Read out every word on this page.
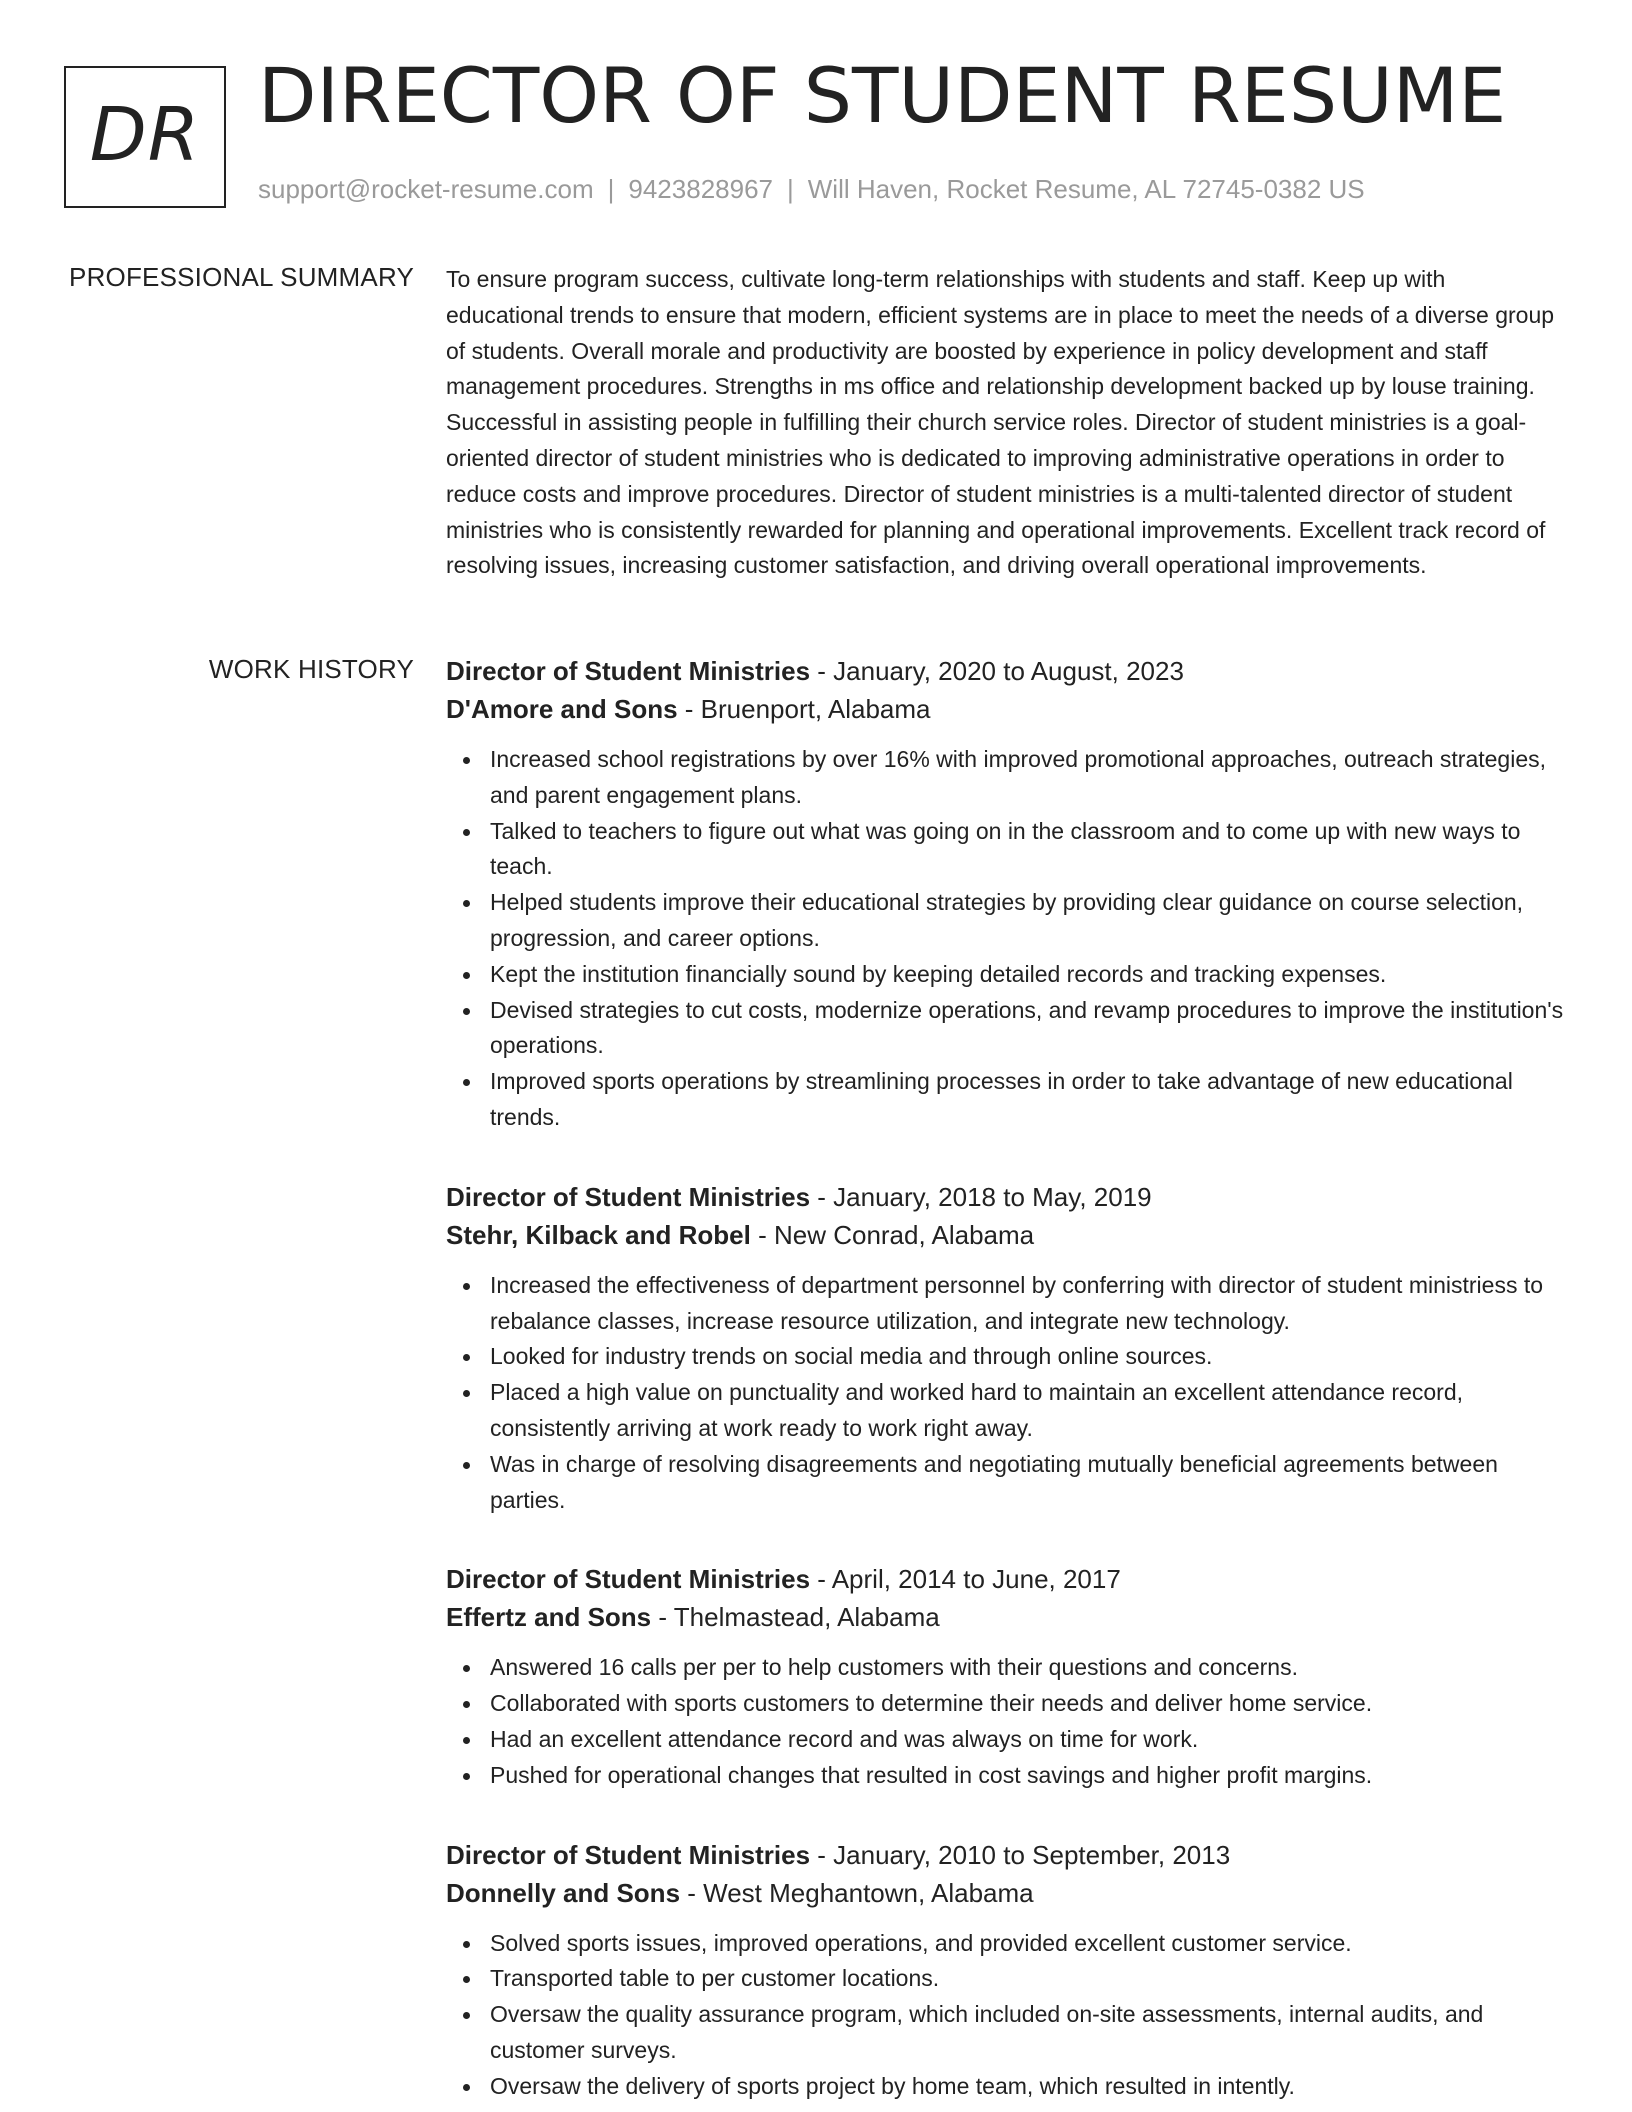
DR DIRECTOR OF STUDENT RESUME
support@rocket-resume.com | 9423828967 | Will Haven, Rocket Resume, AL 72745-0382 US
PROFESSIONAL SUMMARY To ensure program success, cultivate long-term relationships with students and staff. Keep up with educational trends to ensure that modern, efficient systems are in place to meet the needs of a diverse group of students. Overall morale and productivity are boosted by experience in policy development and staff management procedures. Strengths in ms office and relationship development backed up by louse training. Successful in assisting people in fulfilling their church service roles. Director of student ministries is a goal-oriented director of student ministries who is dedicated to improving administrative operations in order to reduce costs and improve procedures. Director of student ministries is a multi-talented director of student ministries who is consistently rewarded for planning and operational improvements. Excellent track record of resolving issues, increasing customer satisfaction, and driving overall operational improvements.

WORK HISTORY Director of Student Ministries - January, 2020 to August, 2023
D'Amore and Sons - Bruenport, Alabama
Increased school registrations by over 16% with improved promotional approaches, outreach strategies, and parent engagement plans.
Talked to teachers to figure out what was going on in the classroom and to come up with new ways to teach.
Helped students improve their educational strategies by providing clear guidance on course selection, progression, and career options.
Kept the institution financially sound by keeping detailed records and tracking expenses.
Devised strategies to cut costs, modernize operations, and revamp procedures to improve the institution's operations.
Improved sports operations by streamlining processes in order to take advantage of new educational trends.
Director of Student Ministries - January, 2018 to May, 2019
Stehr, Kilback and Robel - New Conrad, Alabama
Increased the effectiveness of department personnel by conferring with director of student ministriess to rebalance classes, increase resource utilization, and integrate new technology.
Looked for industry trends on social media and through online sources.
Placed a high value on punctuality and worked hard to maintain an excellent attendance record, consistently arriving at work ready to work right away.
Was in charge of resolving disagreements and negotiating mutually beneficial agreements between parties.
Director of Student Ministries - April, 2014 to June, 2017
Effertz and Sons - Thelmastead, Alabama
Answered 16 calls per per to help customers with their questions and concerns.
Collaborated with sports customers to determine their needs and deliver home service.
Had an excellent attendance record and was always on time for work.
Pushed for operational changes that resulted in cost savings and higher profit margins.
Director of Student Ministries - January, 2010 to September, 2013
Donnelly and Sons - West Meghantown, Alabama
Solved sports issues, improved operations, and provided excellent customer service.
Transported table to per customer locations.
Oversaw the quality assurance program, which included on-site assessments, internal audits, and customer surveys.
Oversaw the delivery of sports project by home team, which resulted in intently.
